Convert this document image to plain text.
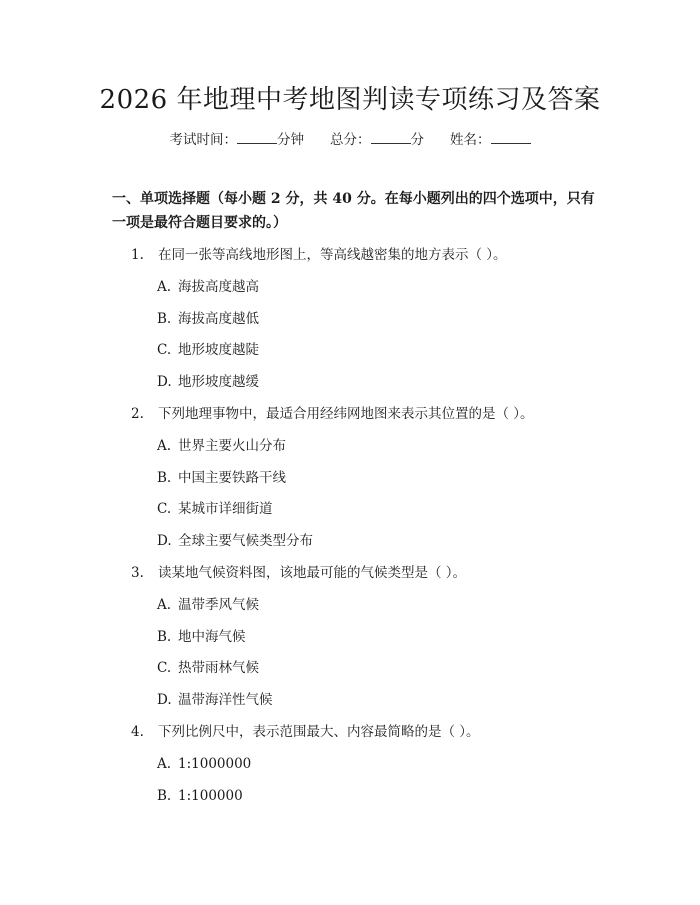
2026 年地理中考地图判读专项练习及答案
考试时间：	分钟 总分：	分 姓名：
一、单项选择题（每小题 2 分，共 40 分。在每小题列出的四个选项中，只有一项是最符合题目要求的。）
1. 在同一张等高线地形图上，等高线越密集的地方表示（ ）。
A. 海拔高度越高
B. 海拔高度越低
C. 地形坡度越陡
D. 地形坡度越缓
2. 下列地理事物中，最适合用经纬网地图来表示其位置的是（ ）。
A. 世界主要火山分布
B. 中国主要铁路干线
C. 某城市详细街道
D. 全球主要气候类型分布
3. 读某地气候资料图，该地最可能的气候类型是（ ）。
A. 温带季风气候
B. 地中海气候
C. 热带雨林气候
D. 温带海洋性气候
4. 下列比例尺中，表示范围最大、内容最简略的是（ ）。
A. 1:1000000
B. 1:100000
